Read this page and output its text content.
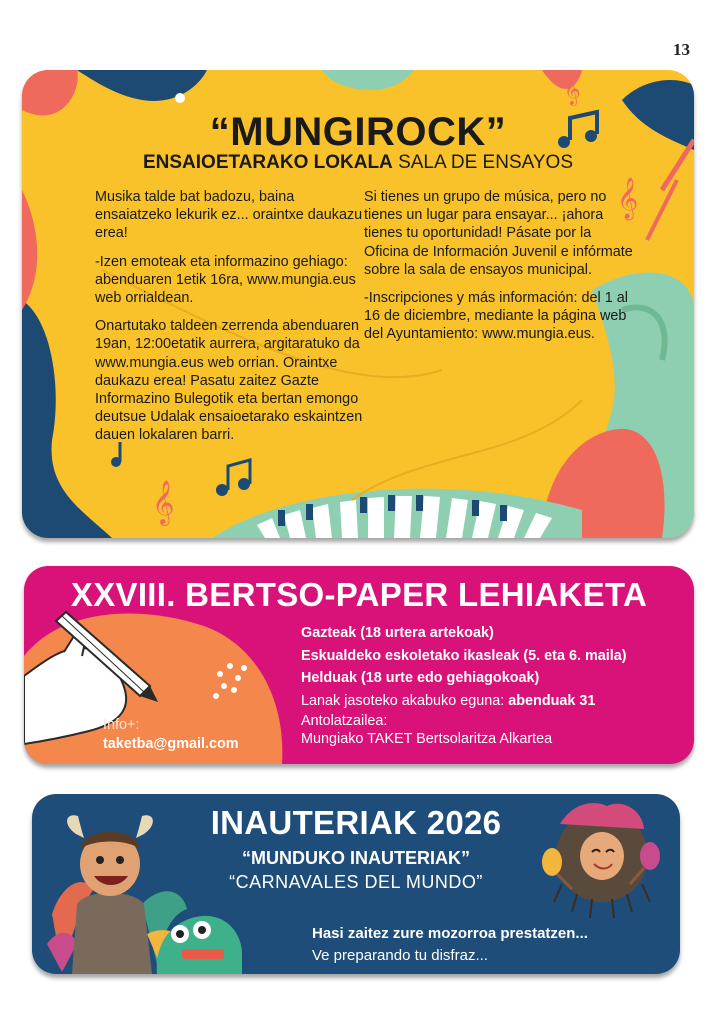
13
𝄞
𝄞
𝄞
“MUNGIROCK”
ENSAIOETARAKO LOKALA SALA DE ENSAYOS

Musika talde bat badozu, baina ensaiatzeko lekurik ez... oraintxe daukazu erea!

-Izen emoteak eta informazino gehiago: abenduaren 1etik 16ra, www.mungia.eus web orrialdean.

Onartutako taldeen zerrenda abenduaren 19an, 12:00etatik aurrera, argitaratuko da www.mungia.eus web orrian. Oraintxe daukazu erea! Pasatu zaitez Gazte Informazino Bulegotik eta bertan emongo deutsue Udalak ensaioetarako eskaintzen dauen lokalaren barri.

Si tienes un grupo de música, pero no tienes un lugar para ensayar... ¡ahora tienes tu oportunidad! Pásate por la Oficina de Información Juvenil e infórmate sobre la sala de ensayos municipal.

-Inscripciones y más información: del 1 al 16 de diciembre, mediante la página web del Ayuntamiento: www.mungia.eus.

XXVIII. BERTSO-PAPER LEHIAKETA
Gazteak (18 urtera artekoak)
Eskualdeko eskoletako ikasleak (5. eta 6. maila)
Helduak (18 urte edo gehiagokoak)
Lanak jasoteko akabuko eguna: abenduak 31
Antolatzailea:
Mungiako TAKET Bertsolaritza Alkartea
Info+:
taketba@gmail.com
INAUTERIAK 2026
“MUNDUKO INAUTERIAK”
“CARNAVALES DEL MUNDO”
Hasi zaitez zure mozorroa prestatzen...
Ve preparando tu disfraz...
